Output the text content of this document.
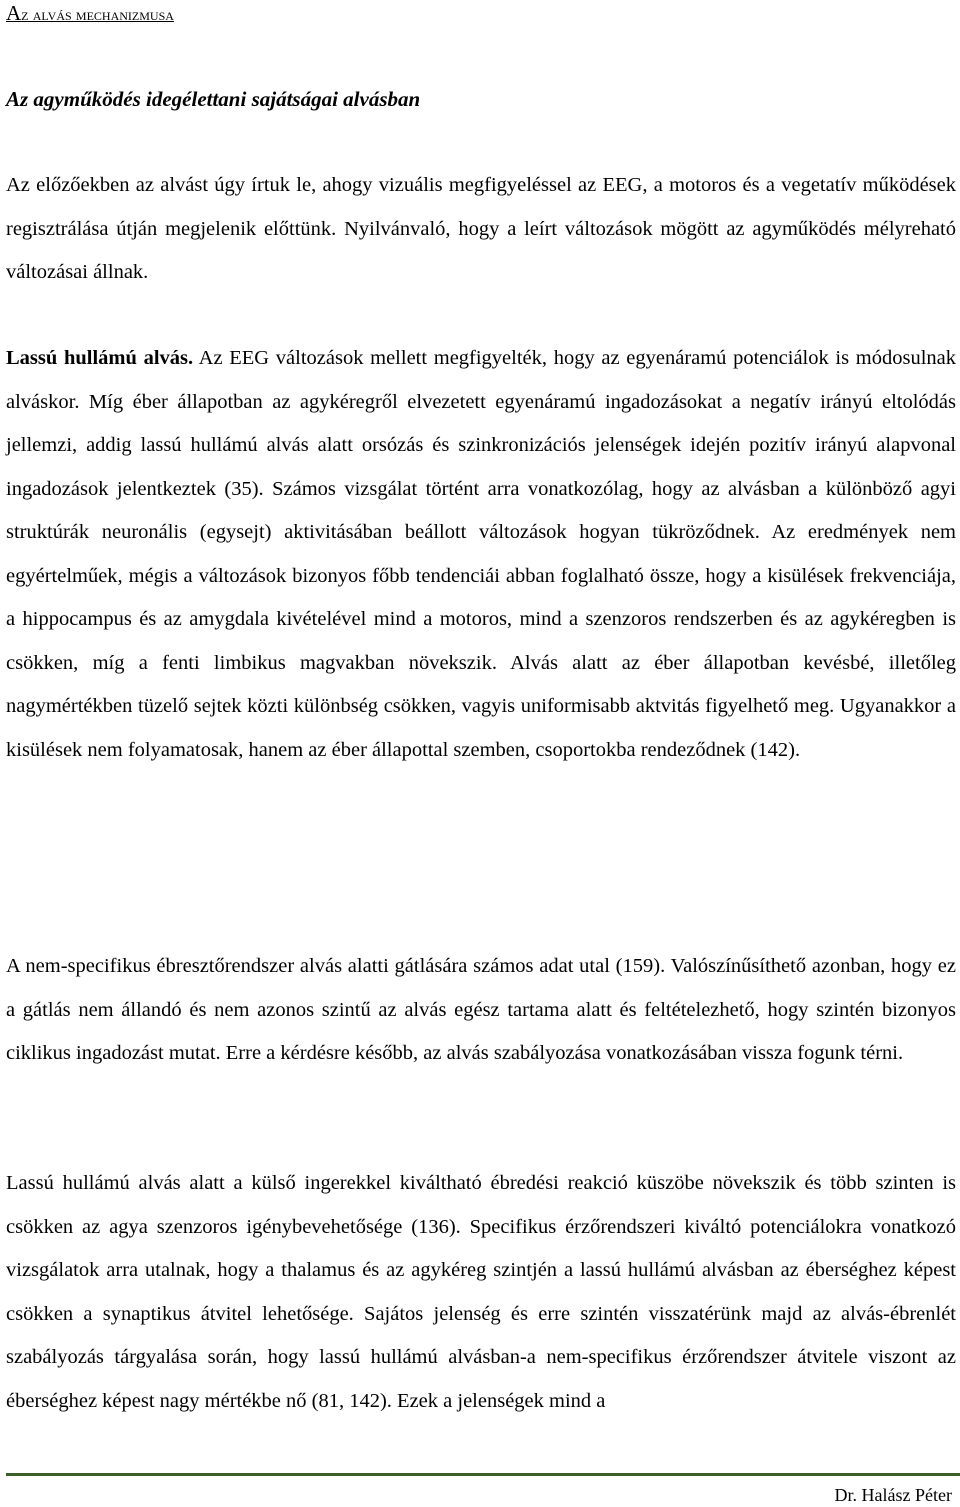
Az alvás mechanizmusa
Az agyműködés idegélettani sajátságai alvásban

Az előzőekben az alvást úgy írtuk le, ahogy vizuális megfigyeléssel az EEG, a motoros és a vegetatív működések regisztrálása útján megjelenik előttünk. Nyilvánvaló, hogy a leírt változások mögött az agyműködés mélyreható változásai állnak.

Lassú hullámú alvás. Az EEG változások mellett megfigyelték, hogy az egyenáramú potenciálok is módosulnak alváskor. Míg éber állapotban az agykéregről elvezetett egyenáramú ingadozásokat a negatív irányú eltolódás jellemzi, addig lassú hullámú alvás alatt orsózás és szinkronizációs jelenségek idején pozitív irányú alapvonal ingadozások jelentkeztek (35). Számos vizsgálat történt arra vonatkozólag, hogy az alvásban a különböző agyi struktúrák neuronális (egysejt) aktivitásában beállott változások hogyan tükröződnek. Az eredmények nem egyértelműek, mégis a változások bizonyos főbb tendenciái abban foglalható össze, hogy a kisülések frekvenciája, a hippocampus és az amygdala kivételével mind a motoros, mind a szenzoros rendszerben és az agykéregben is csökken, míg a fenti limbikus magvakban növekszik. Alvás alatt az éber állapotban kevésbé, illetőleg nagymértékben tüzelő sejtek közti különbség csökken, vagyis uniformisabb aktvitás figyelhető meg. Ugyanakkor a kisülések nem folyamatosak, hanem az éber állapottal szemben, csoportokba rendeződnek (142).

A nem-specifikus ébresztőrendszer alvás alatti gátlására számos adat utal (159). Valószínűsíthető azonban, hogy ez a gátlás nem állandó és nem azonos szintű az alvás egész tartama alatt és feltételezhető, hogy szintén bizonyos ciklikus ingadozást mutat. Erre a kérdésre később, az alvás szabályozása vonatkozásában vissza fogunk térni.

Lassú hullámú alvás alatt a külső ingerekkel kiváltható ébredési reakció küszöbe növekszik és több szinten is csökken az agya szenzoros igénybevehetősége (136). Specifikus érzőrendszeri kiváltó potenciálokra vonatkozó vizsgálatok arra utalnak, hogy a thalamus és az agykéreg szintjén a lassú hullámú alvásban az éberséghez képest csökken a synaptikus átvitel lehetősége. Sajátos jelenség és erre szintén visszatérünk majd az alvás-ébrenlét szabályozás tárgyalása során, hogy lassú hullámú alvásban-a nem-specifikus érzőrendszer átvitele viszont az éberséghez képest nagy mértékbe nő (81, 142). Ezek a jelenségek mind a

Dr. Halász Péter
